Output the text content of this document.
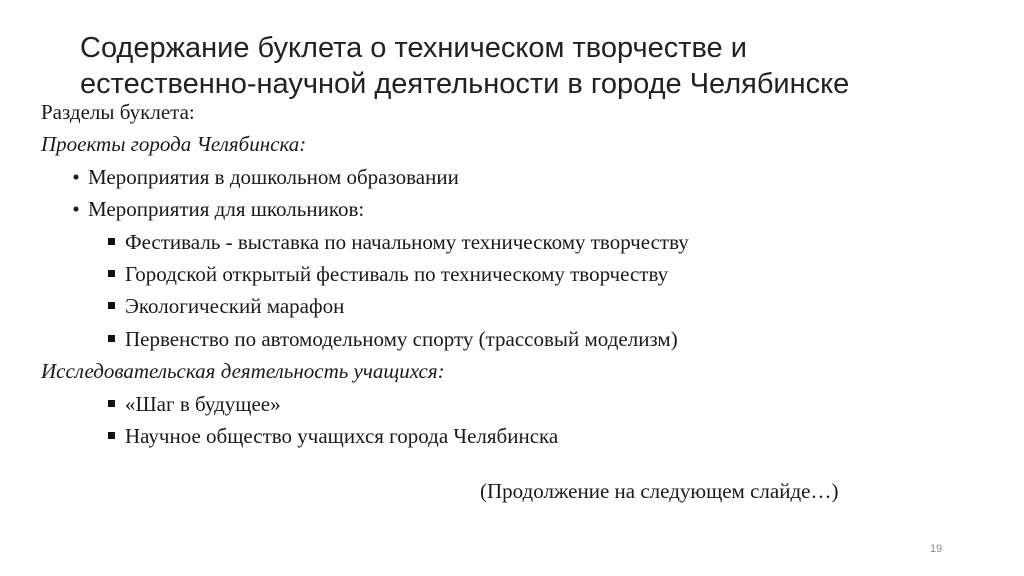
Содержание буклета о техническом творчестве и
естественно-научной деятельности в городе Челябинске
Разделы буклета:
Проекты города Челябинска:
• Мероприятия в дошкольном образовании
• Мероприятия для школьников:
Фестиваль - выставка по начальному техническому творчеству
Городской открытый фестиваль по техническому творчеству
Экологический марафон
Первенство по автомодельному спорту (трассовый моделизм)
Исследовательская деятельность учащихся:
«Шаг в будущее»
Научное общество учащихся города Челябинска
(Продолжение на следующем слайде…)
19
